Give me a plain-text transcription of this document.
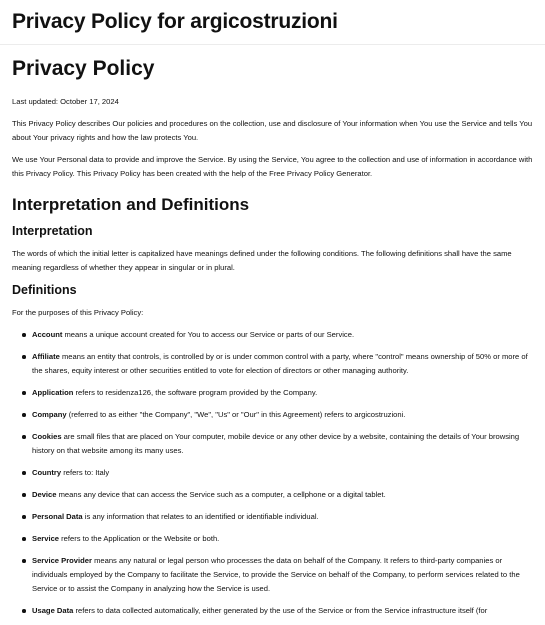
Privacy Policy for argicostruzioni
Privacy Policy

Last updated: October 17, 2024

This Privacy Policy describes Our policies and procedures on the collection, use and disclosure of Your information when You use the Service and tells You about Your privacy rights and how the law protects You.

We use Your Personal data to provide and improve the Service. By using the Service, You agree to the collection and use of information in accordance with this Privacy Policy. This Privacy Policy has been created with the help of the Free Privacy Policy Generator.

Interpretation and Definitions
Interpretation

The words of which the initial letter is capitalized have meanings defined under the following conditions. The following definitions shall have the same meaning regardless of whether they appear in singular or in plural.

Definitions

For the purposes of this Privacy Policy:

Account means a unique account created for You to access our Service or parts of our Service.
Affiliate means an entity that controls, is controlled by or is under common control with a party, where "control" means ownership of 50% or more of the shares, equity interest or other securities entitled to vote for election of directors or other managing authority.
Application refers to residenza126, the software program provided by the Company.
Company (referred to as either "the Company", "We", "Us" or "Our" in this Agreement) refers to argicostruzioni.
Cookies are small files that are placed on Your computer, mobile device or any other device by a website, containing the details of Your browsing history on that website among its many uses.
Country refers to: Italy
Device means any device that can access the Service such as a computer, a cellphone or a digital tablet.
Personal Data is any information that relates to an identified or identifiable individual.
Service refers to the Application or the Website or both.
Service Provider means any natural or legal person who processes the data on behalf of the Company. It refers to third-party companies or individuals employed by the Company to facilitate the Service, to provide the Service on behalf of the Company, to perform services related to the Service or to assist the Company in analyzing how the Service is used.
Usage Data refers to data collected automatically, either generated by the use of the Service or from the Service infrastructure itself (for
